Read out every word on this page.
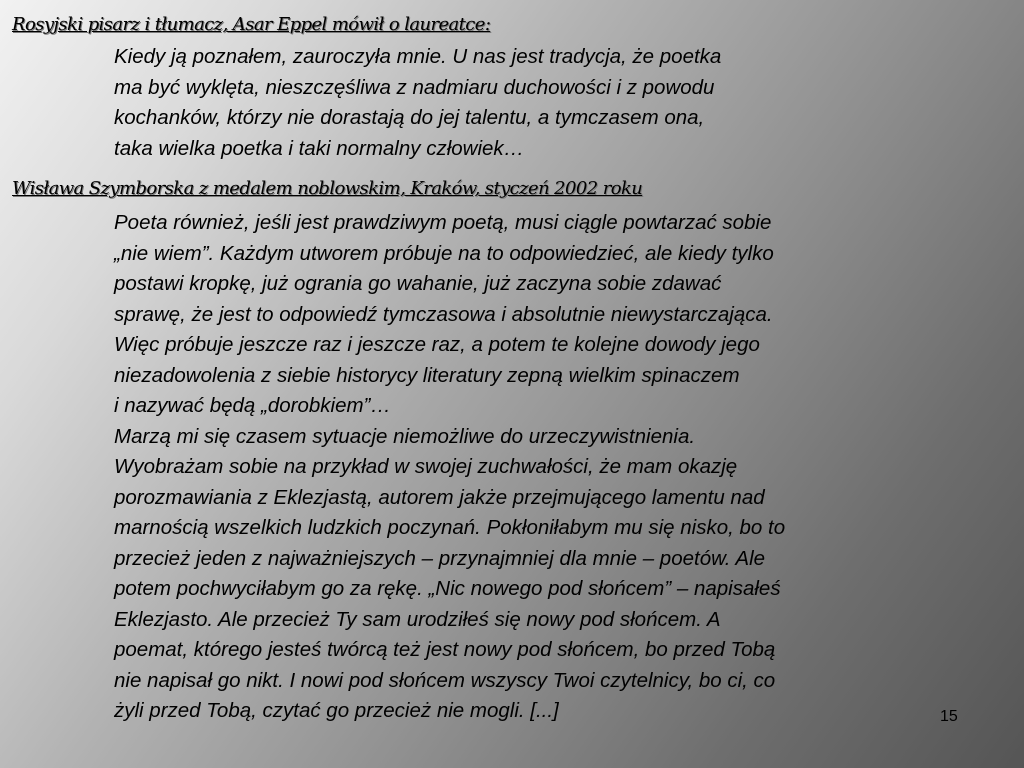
Rosyjski pisarz i tłumacz, Asar Eppel mówił o laureatce:

Kiedy ją poznałem, zauroczyła mnie. U nas jest tradycja, że poetka
ma być wyklęta, nieszczęśliwa z nadmiaru duchowości i z powodu
kochanków, którzy nie dorastają do jej talentu, a tymczasem ona,
taka wielka poetka i taki normalny człowiek…

Wisława Szymborska z medalem noblowskim, Kraków, styczeń 2002 roku

Poeta również, jeśli jest prawdziwym poetą, musi ciągle powtarzać sobie
„nie wiem”. Każdym utworem próbuje na to odpowiedzieć, ale kiedy tylko
postawi kropkę, już ogrania go wahanie, już zaczyna sobie zdawać
sprawę, że jest to odpowiedź tymczasowa i absolutnie niewystarczająca.
Więc próbuje jeszcze raz i jeszcze raz, a potem te kolejne dowody jego
niezadowolenia z siebie historycy literatury zepną wielkim spinaczem
i nazywać będą „dorobkiem”…
Marzą mi się czasem sytuacje niemożliwe do urzeczywistnienia.
Wyobrażam sobie na przykład w swojej zuchwałości, że mam okazję
porozmawiania z Eklezjastą, autorem jakże przejmującego lamentu nad
marnością wszelkich ludzkich poczynań. Pokłoniłabym mu się nisko, bo to
przecież jeden z najważniejszych – przynajmniej dla mnie – poetów. Ale
potem pochwyciłabym go za rękę. „Nic nowego pod słońcem” – napisałeś
Eklezjasto. Ale przecież Ty sam urodziłeś się nowy pod słońcem. A
poemat, którego jesteś twórcą też jest nowy pod słońcem, bo przed Tobą
nie napisał go nikt. I nowi pod słońcem wszyscy Twoi czytelnicy, bo ci, co
żyli przed Tobą, czytać go przecież nie mogli. [...]	15
